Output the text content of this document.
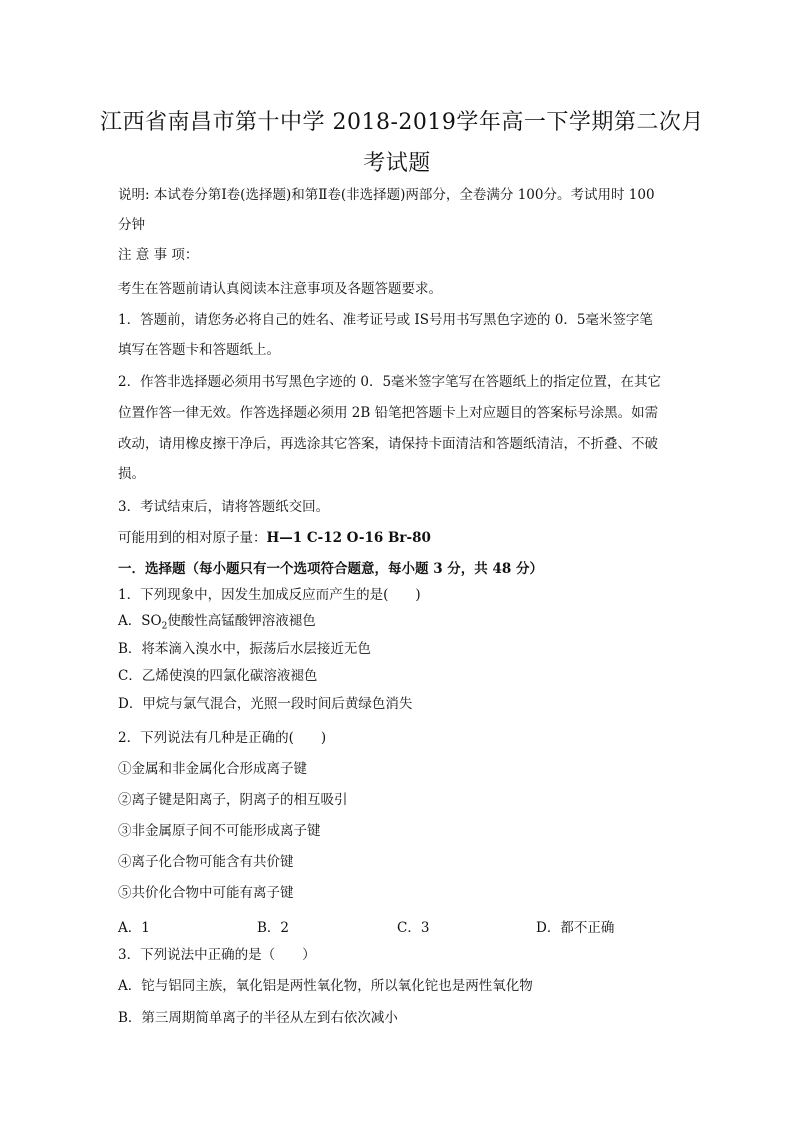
江西省南昌市第十中学 2018-2019学年高一下学期第二次月
考试题
说明: 本试卷分第Ⅰ卷(选择题)和第Ⅱ卷(非选择题)两部分，全卷满分 100分。考试用时 100
分钟
注 意 事 项：
考生在答题前请认真阅读本注意事项及各题答题要求。
1．答题前，请您务必将自己的姓名、准考证号或 IS号用书写黑色字迹的 0．5毫米签字笔
填写在答题卡和答题纸上。
2．作答非选择题必须用书写黑色字迹的 0．5毫米签字笔写在答题纸上的指定位置，在其它
位置作答一律无效。作答选择题必须用 2B 铅笔把答题卡上对应题目的答案标号涂黑。如需
改动，请用橡皮擦干净后，再选涂其它答案，请保持卡面清洁和答题纸清洁，不折叠、不破
损。
3．考试结束后，请将答题纸交回。
可能用到的相对原子量：H—1 C-12 O-16 Br-80
一．选择题（每小题只有一个选项符合题意，每小题 3 分，共 48 分）
1．下列现象中，因发生加成反应而产生的是(　　)
A．$SO_2$使酸性高锰酸钾溶液褪色
B．将苯滴入溴水中，振荡后水层接近无色
C．乙烯使溴的四氯化碳溶液褪色
D．甲烷与氯气混合，光照一段时间后黄绿色消失
2．下列说法有几种是正确的(　　)
①金属和非金属化合形成离子键
②离子键是阳离子，阴离子的相互吸引
③非金属原子间不可能形成离子键
④离子化合物可能含有共价键
⑤共价化合物中可能有离子键
A．1	B．2	C．3	D．都不正确
3．下列说法中正确的是（　　）
A．铊与铝同主族，氧化铝是两性氧化物，所以氧化铊也是两性氧化物
B．第三周期简单离子的半径从左到右依次减小
